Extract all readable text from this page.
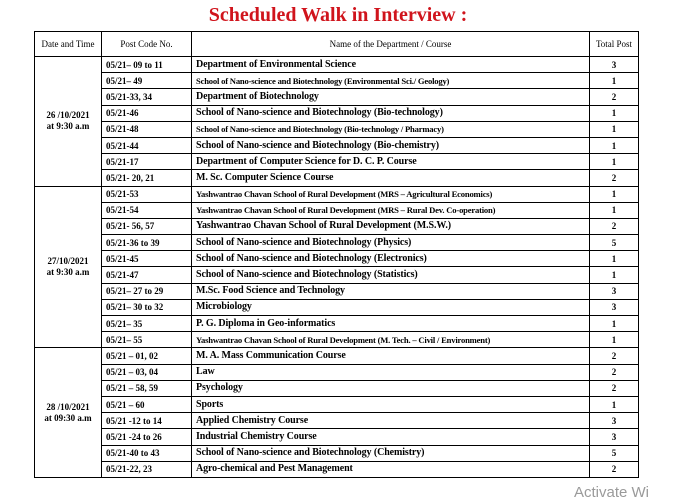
Scheduled Walk in Interview :
Date and Time	Post Code No.	Name of the Department / Course	Total Post

26 /10/2021
at 9:30 a.m	05/21– 09 to 11	Department of Environmental Science	3
	05/21– 49	School of Nano-science and Biotechnology (Environmental Sci./ Geology)	1
	05/21-33, 34	Department of Biotechnology	2
	05/21-46	School of Nano-science and Biotechnology (Bio-technology)	1
	05/21-48	School of Nano-science and Biotechnology (Bio-technology / Pharmacy)	1
	05/21-44	School of Nano-science and Biotechnology (Bio-chemistry)	1
	05/21-17	Department of Computer Science for D. C. P. Course	1
	05/21- 20, 21	M. Sc. Computer Science Course	2

27/10/2021
at 9:30 a.m	05/21-53	Yashwantrao Chavan School of Rural Development (MRS – Agricultural Economics)	1
	05/21-54	Yashwantrao Chavan School of Rural Development (MRS – Rural Dev. Co-operation)	1
	05/21- 56, 57	Yashwantrao Chavan School of Rural Development (M.S.W.)	2
	05/21-36 to 39	School of Nano-science and Biotechnology (Physics)	5
	05/21-45	School of Nano-science and Biotechnology (Electronics)	1
	05/21-47	School of Nano-science and Biotechnology (Statistics)	1
	05/21– 27 to 29	M.Sc. Food Science and Technology	3
	05/21– 30 to 32	Microbiology	3
	05/21– 35	P. G. Diploma in Geo-informatics	1
	05/21– 55	Yashwantrao Chavan School of Rural Development (M. Tech. – Civil / Environment)	1

28 /10/2021
at 09:30 a.m	05/21 – 01, 02	M. A. Mass Communication Course	2
	05/21 – 03, 04	Law	2
	05/21 – 58, 59	Psychology	2
	05/21 – 60	Sports	1
	05/21 -12 to 14	Applied Chemistry Course	3
	05/21 -24 to 26	Industrial Chemistry Course	3
	05/21-40 to 43	School of Nano-science and Biotechnology (Chemistry)	5
	05/21-22, 23	Agro-chemical and Pest Management	2
Activate Wi
